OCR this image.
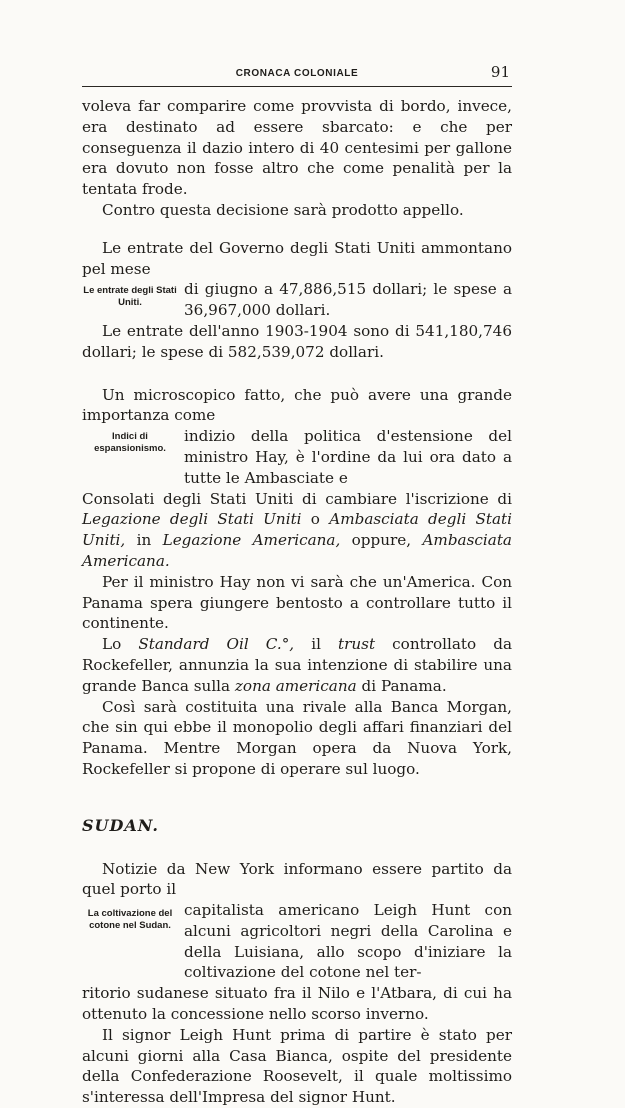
CRONACA COLONIALE	91

voleva far comparire come provvista di bordo, invece, era destinato ad essere sbarcato: e che per conseguenza il dazio intero di 40 centesimi per gallone era dovuto non fosse altro che come penalità per la tentata frode.

Contro questa decisione sarà prodotto appello.

Le entrate del Governo degli Stati Uniti ammontano pel mese

Le entrate degli Stati Uniti.
di giugno a 47,886,515 dollari; le spese a 36,967,000 dollari.

Le entrate dell'anno 1903-1904 sono di 541,180,746 dollari; le spese di 582,539,072 dollari.

Un microscopico fatto, che può avere una grande importanza come

Indici di espansionismo.
indizio della politica d'estensione del ministro Hay, è l'ordine da lui ora dato a tutte le Ambasciate e

Consolati degli Stati Uniti di cambiare l'iscrizione di Legazione degli Stati Uniti o Ambasciata degli Stati Uniti, in Legazione Americana, oppure, Ambasciata Americana.

Per il ministro Hay non vi sarà che un'America. Con Panama spera giungere bentosto a controllare tutto il continente.

Lo Standard Oil C.°, il trust controllato da Rockefeller, annunzia la sua intenzione di stabilire una grande Banca sulla zona americana di Panama.

Così sarà costituita una rivale alla Banca Morgan, che sin qui ebbe il monopolio degli affari finanziari del Panama. Mentre Morgan opera da Nuova York, Rockefeller si propone di operare sul luogo.

SUDAN.

Notizie da New York informano essere partito da quel porto il

La coltivazione del cotone nel Sudan.
capitalista americano Leigh Hunt con alcuni agricoltori negri della Carolina e della Luisiana, allo scopo d'iniziare la coltivazione del cotone nel ter-

ritorio sudanese situato fra il Nilo e l'Atbara, di cui ha ottenuto la concessione nello scorso inverno.

Il signor Leigh Hunt prima di partire è stato per alcuni giorni alla Casa Bianca, ospite del presidente della Confederazione Roosevelt, il quale moltissimo s'interessa dell'Impresa del signor Hunt.
